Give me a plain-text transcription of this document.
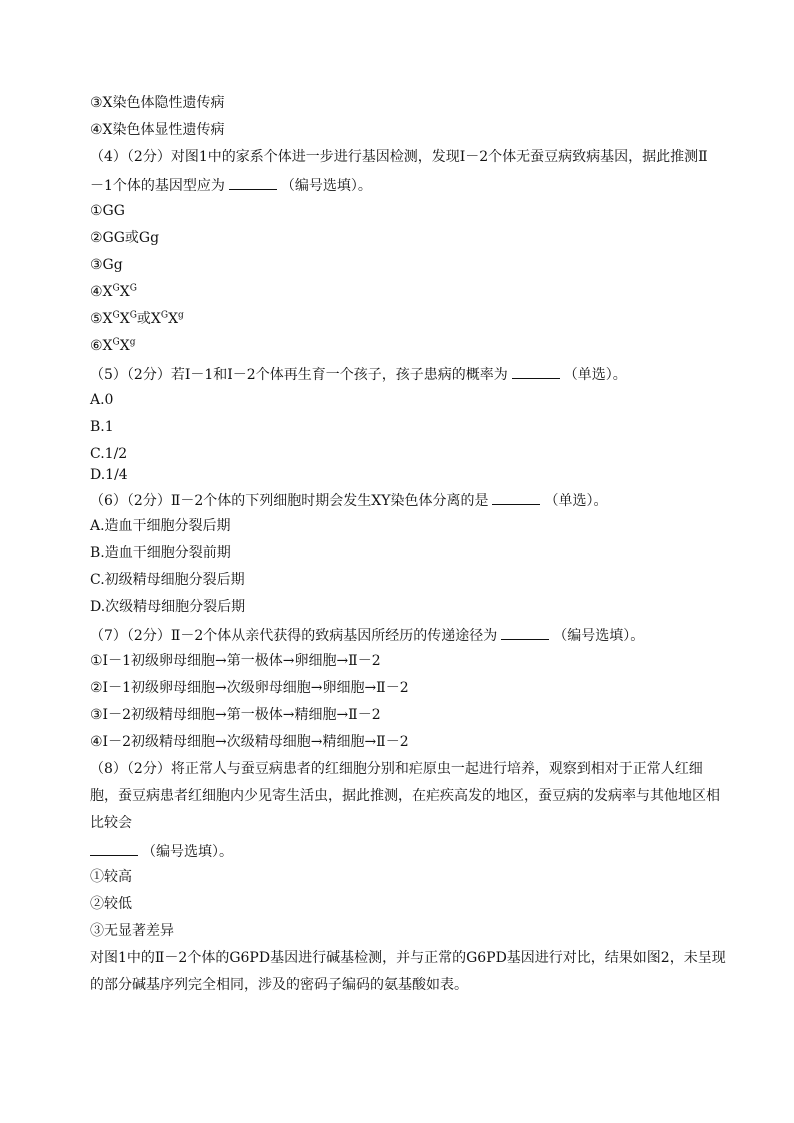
③X染色体隐性遗传病
④X染色体显性遗传病
（4）（2分）对图1中的家系个体进一步进行基因检测，发现Ⅰ－2个体无蚕豆病致病基因，据此推测Ⅱ
－1个体的基因型应为	（编号选填）。
①GG
②GG或Gg
③Gg
$④X^GX^G$
$⑤X^GX^G$或$X^GX^g$
$⑥X^GX^g$
（5）（2分）若Ⅰ－1和Ⅰ－2个体再生育一个孩子，孩子患病的概率为	（单选）。
A.0
B.1
C.1/2
D.1/4
（6）（2分）Ⅱ－2个体的下列细胞时期会发生XY染色体分离的是	（单选）。
A.造血干细胞分裂后期
B.造血干细胞分裂前期
C.初级精母细胞分裂后期
D.次级精母细胞分裂后期
（7）（2分）Ⅱ－2个体从亲代获得的致病基因所经历的传递途径为	（编号选填）。
①Ⅰ－1初级卵母细胞→第一极体→卵细胞→Ⅱ－2
②Ⅰ－1初级卵母细胞→次级卵母细胞→卵细胞→Ⅱ－2
③Ⅰ－2初级精母细胞→第一极体→精细胞→Ⅱ－2
④Ⅰ－2初级精母细胞→次级精母细胞→精细胞→Ⅱ－2
（8）（2分）将正常人与蚕豆病患者的红细胞分别和疟原虫一起进行培养，观察到相对于正常人红细
胞，蚕豆病患者红细胞内少见寄生活虫，据此推测，在疟疾高发的地区，蚕豆病的发病率与其他地区相
比较会
（编号选填）。
①较高
②较低
③无显著差异
对图1中的Ⅱ－2个体的G6PD基因进行碱基检测，并与正常的G6PD基因进行对比，结果如图2，未呈现
的部分碱基序列完全相同，涉及的密码子编码的氨基酸如表。
